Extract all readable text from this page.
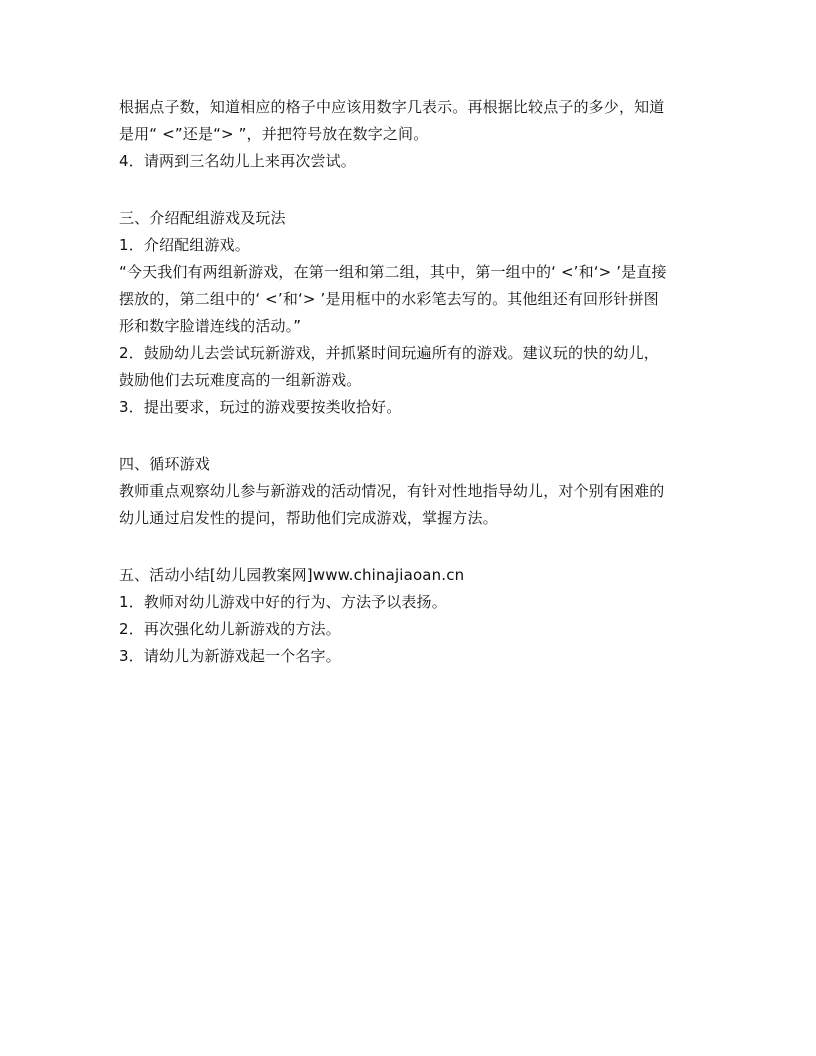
根据点子数，知道相应的格子中应该用数字几表示。再根据比较点子的多少，知道
是用“ <”还是“> ”，并把符号放在数字之间。
4．请两到三名幼儿上来再次尝试。
三、介绍配组游戏及玩法
1．介绍配组游戏。
“今天我们有两组新游戏，在第一组和第二组，其中，第一组中的‘ <’和‘> ’是直接
摆放的，第二组中的‘ <’和‘> ’是用框中的水彩笔去写的。其他组还有回形针拼图
形和数字脸谱连线的活动。”
2．鼓励幼儿去尝试玩新游戏，并抓紧时间玩遍所有的游戏。建议玩的快的幼儿，
鼓励他们去玩难度高的一组新游戏。
3．提出要求，玩过的游戏要按类收拾好。
四、循环游戏
教师重点观察幼儿参与新游戏的活动情况，有针对性地指导幼儿，对个别有困难的
幼儿通过启发性的提问，帮助他们完成游戏，掌握方法。
五、活动小结[幼儿园教案网]www.chinajiaoan.cn
1．教师对幼儿游戏中好的行为、方法予以表扬。
2．再次强化幼儿新游戏的方法。
3．请幼儿为新游戏起一个名字。
